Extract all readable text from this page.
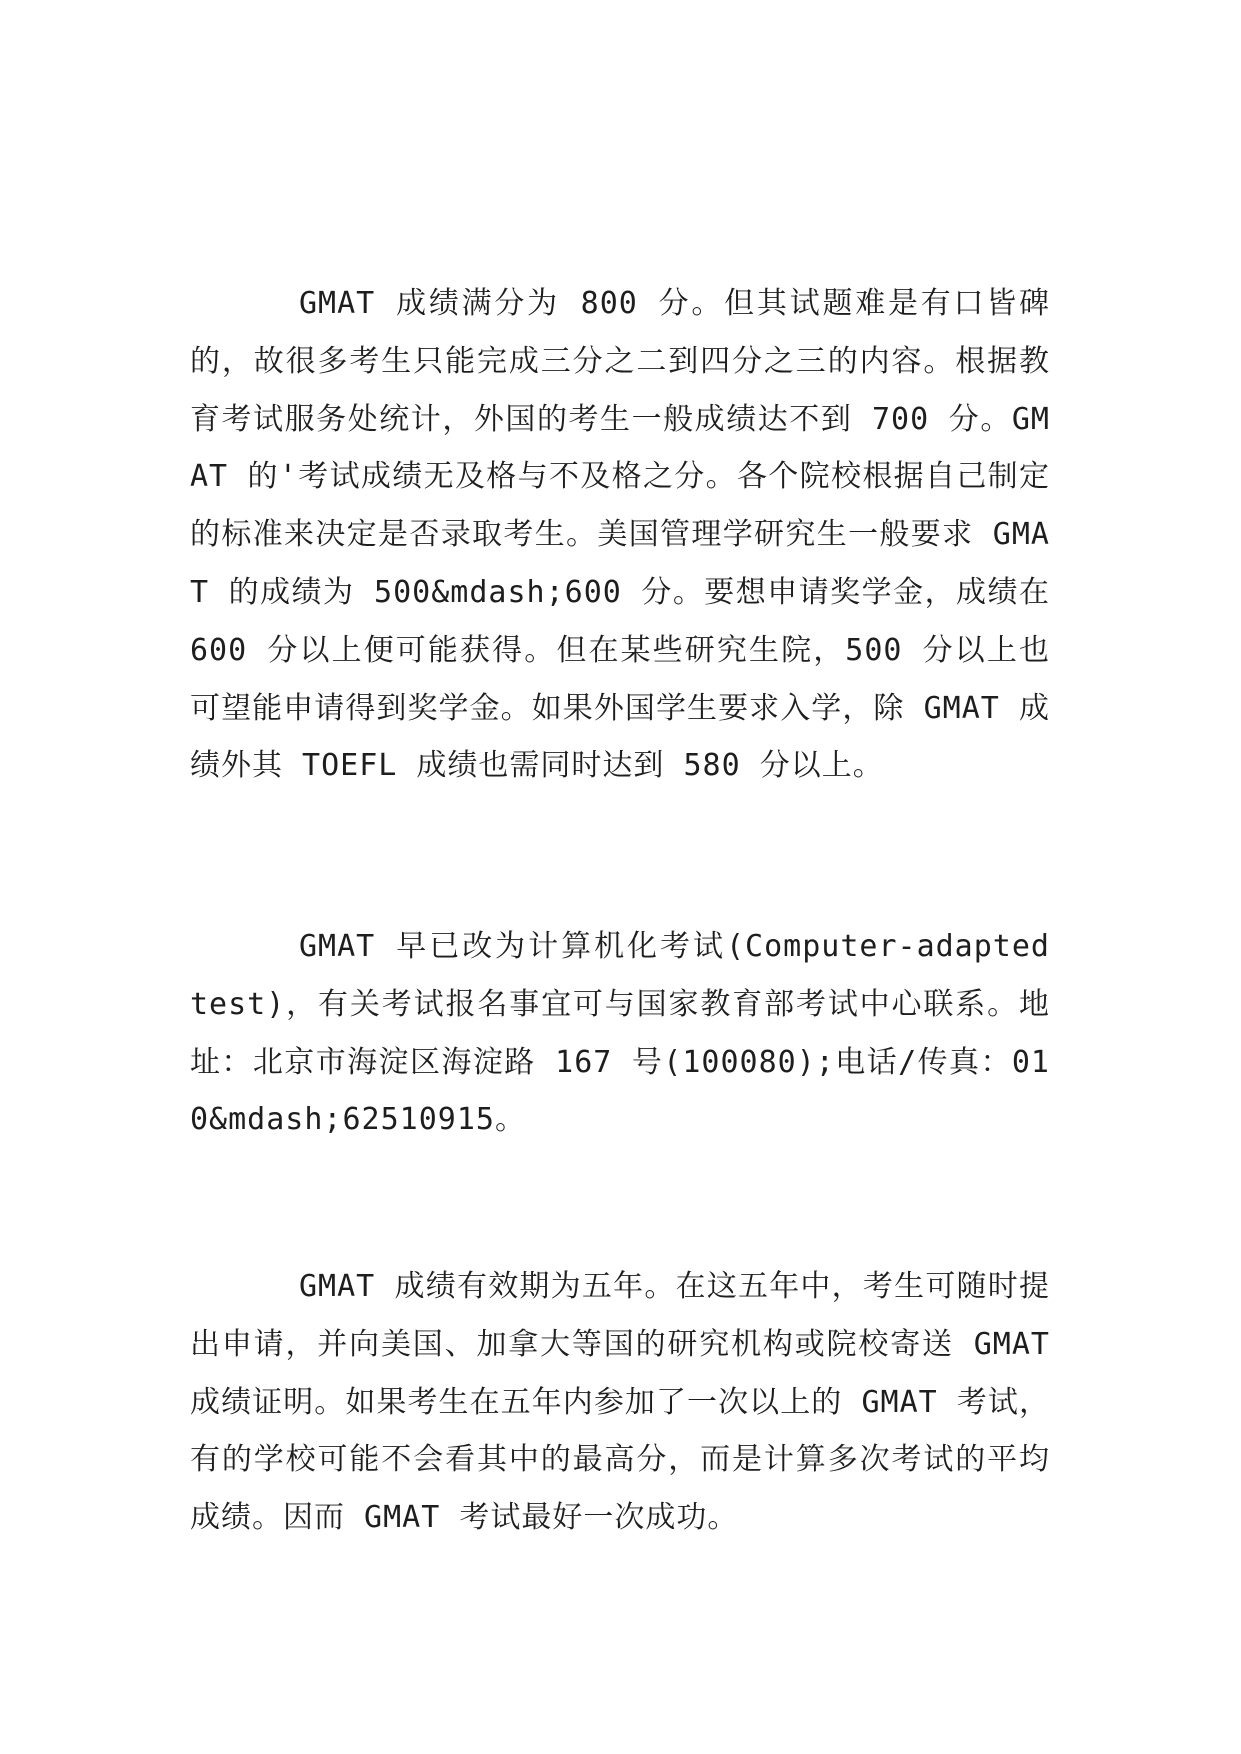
GMAT 成绩满分为 800 分。但其试题难是有口皆碑的，故很多考生只能完成三分之二到四分之三的内容。根据教育考试服务处统计，外国的考生一般成绩达不到 700 分。GMAT 的'考试成绩无及格与不及格之分。各个院校根据自己制定的标准来决定是否录取考生。美国管理学研究生一般要求 GMAT 的成绩为 500&mdash;600 分。要想申请奖学金，成绩在 600 分以上便可能获得。但在某些研究生院，500 分以上也可望能申请得到奖学金。如果外国学生要求入学，除 GMAT 成绩外其 TOEFL 成绩也需同时达到 580 分以上。

GMAT 早已改为计算机化考试(Computer-adapted test)，有关考试报名事宜可与国家教育部考试中心联系。地址：北京市海淀区海淀路 167 号(100080);电话/传真：010&mdash;62510915。

GMAT 成绩有效期为五年。在这五年中，考生可随时提出申请，并向美国、加拿大等国的研究机构或院校寄送 GMAT 成绩证明。如果考生在五年内参加了一次以上的 GMAT 考试，有的学校可能不会看其中的最高分，而是计算多次考试的平均成绩。因而 GMAT 考试最好一次成功。
